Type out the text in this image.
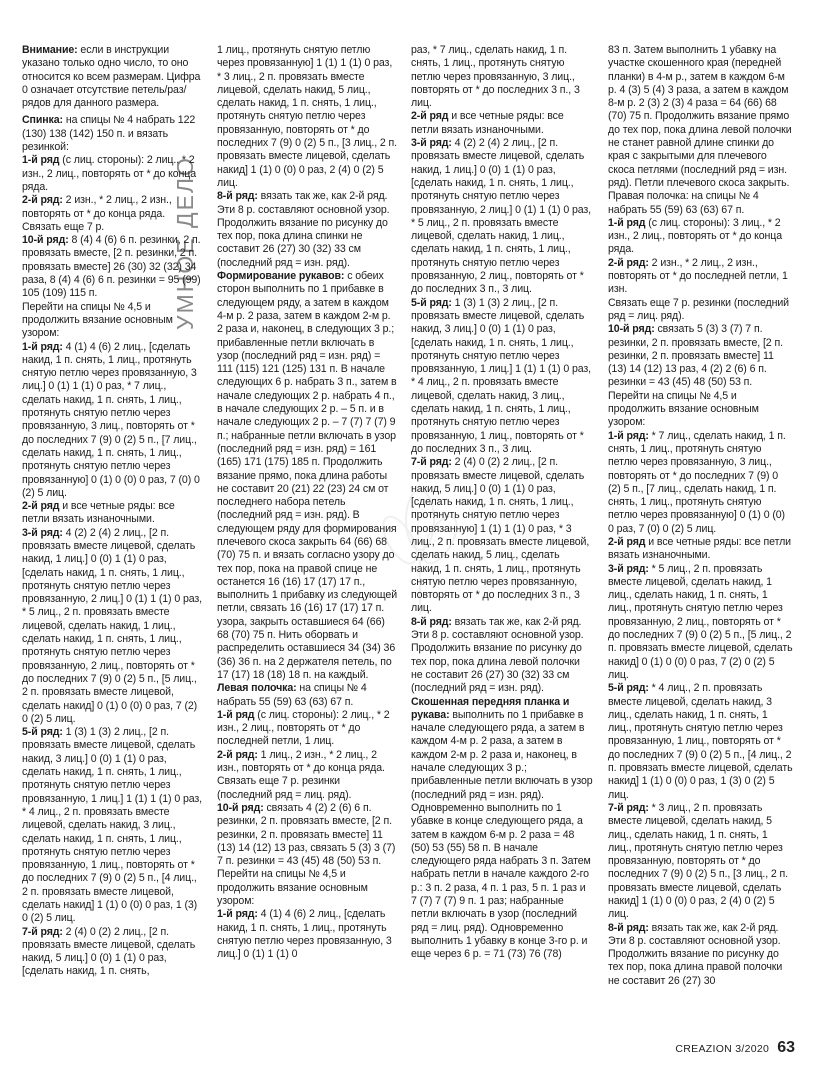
Внимание: если в инструкции указано только одно число, то оно относится ко всем размерам. Цифра 0 означает отсутствие петель/раз/рядов для данного размера.

Спинка: на спицы № 4 набрать 122 (130) 138 (142) 150 п. и вязать резинкой:

1-й ряд (с лиц. стороны): 2 лиц., * 2 изн., 2 лиц., повторять от * до конца ряда.

2-й ряд: 2 изн., * 2 лиц., 2 изн., повторять от * до конца ряда.

Связать еще 7 р.

10-й ряд: 8 (4) 4 (6) 6 п. резинки, 2 п. провязать вместе, [2 п. резинки, 2 п. провязать вместе] 26 (30) 32 (32) 34 раза, 8 (4) 4 (6) 6 п. резинки = 95 (99) 105 (109) 115 п.

Перейти на спицы № 4,5 и продолжить вязание основным узором:

1-й ряд: 4 (1) 4 (6) 2 лиц., [сделать накид, 1 п. снять, 1 лиц., протянуть снятую петлю через провязанную, 3 лиц.] 0 (1) 1 (1) 0 раз, * 7 лиц., сделать накид, 1 п. снять, 1 лиц., протянуть снятую петлю через провязанную, 3 лиц., повторять от * до последних 7 (9) 0 (2) 5 п., [7 лиц., сделать накид, 1 п. снять, 1 лиц., протянуть снятую петлю через провязанную] 0 (1) 0 (0) 0 раз, 7 (0) 0 (2) 5 лиц.

2-й ряд и все четные ряды: все петли вязать изнаночными.

3-й ряд: 4 (2) 2 (4) 2 лиц., [2 п. провязать вместе лицевой, сделать накид, 1 лиц.] 0 (0) 1 (1) 0 раз, [сделать накид, 1 п. снять, 1 лиц., протянуть снятую петлю через провязанную, 2 лиц.] 0 (1) 1 (1) 0 раз, * 5 лиц., 2 п. провязать вместе лицевой, сделать накид, 1 лиц., сделать накид, 1 п. снять, 1 лиц., протянуть снятую петлю через провязанную, 2 лиц., повторять от * до последних 7 (9) 0 (2) 5 п., [5 лиц., 2 п. провязать вместе лицевой, сделать накид] 0 (1) 0 (0) 0 раз, 7 (2) 0 (2) 5 лиц.

5-й ряд: 1 (3) 1 (3) 2 лиц., [2 п. провязать вместе лицевой, сделать накид, 3 лиц.] 0 (0) 1 (1) 0 раз, сделать накид, 1 п. снять, 1 лиц., протянуть снятую петлю через провязанную, 1 лиц.] 1 (1) 1 (1) 0 раз, * 4 лиц., 2 п. провязать вместе лицевой, сделать накид, 3 лиц., сделать накид, 1 п. снять, 1 лиц., протянуть снятую петлю через провязанную, 1 лиц., повторять от * до последних 7 (9) 0 (2) 5 п., [4 лиц., 2 п. провязать вместе лицевой, сделать накид] 1 (1) 0 (0) 0 раз, 1 (3) 0 (2) 5 лиц.

7-й ряд: 2 (4) 0 (2) 2 лиц., [2 п. провязать вместе лицевой, сделать накид, 5 лиц.] 0 (0) 1 (1) 0 раз, [сделать накид, 1 п. снять,

1 лиц., протянуть снятую петлю через провязанную] 1 (1) 1 (1) 0 раз, * 3 лиц., 2 п. провязать вместе лицевой, сделать накид, 5 лиц., сделать накид, 1 п. снять, 1 лиц., протянуть снятую петлю через провязанную, повторять от * до последних 7 (9) 0 (2) 5 п., [3 лиц., 2 п. провязать вместе лицевой, сделать накид] 1 (1) 0 (0) 0 раз, 2 (4) 0 (2) 5 лиц.

8-й ряд: вязать так же, как 2-й ряд.

Эти 8 р. составляют основной узор.

Продолжить вязание по рисунку до тех пор, пока длина спинки не составит 26 (27) 30 (32) 33 см (последний ряд = изн. ряд).

Формирование рукавов: с обеих сторон выполнить по 1 прибавке в следующем ряду, а затем в каждом 4-м р. 2 раза, затем в каждом 2-м р. 2 раза и, наконец, в следующих 3 р.; прибавленные петли включать в узор (последний ряд = изн. ряд) = 111 (115) 121 (125) 131 п. В начале следующих 6 р. набрать 3 п., затем в начале следующих 2 р. набрать 4 п., в начале следующих 2 р. – 5 п. и в начале следующих 2 р. – 7 (7) 7 (7) 9 п.; набранные петли включать в узор (последний ряд = изн. ряд) = 161 (165) 171 (175) 185 п. Продолжить вязание прямо, пока длина работы не составит 20 (21) 22 (23) 24 см от последнего набора петель (последний ряд = изн. ряд). В следующем ряду для формирования плечевого скоса закрыть 64 (66) 68 (70) 75 п. и вязать согласно узору до тех пор, пока на правой спице не останется 16 (16) 17 (17) 17 п., выполнить 1 прибавку из следующей петли, связать 16 (16) 17 (17) 17 п. узора, закрыть оставшиеся 64 (66) 68 (70) 75 п. Нить оборвать и распределить оставшиеся 34 (34) 36 (36) 36 п. на 2 держателя петель, по 17 (17) 18 (18) 18 п. на каждый.

Левая полочка: на спицы № 4 набрать 55 (59) 63 (63) 67 п.

1-й ряд (с лиц. стороны): 2 лиц., * 2 изн., 2 лиц., повторять от * до последней петли, 1 лиц.

2-й ряд: 1 лиц., 2 изн., * 2 лиц., 2 изн., повторять от * до конца ряда.

Связать еще 7 р. резинки (последний ряд = лиц. ряд).

10-й ряд: связать 4 (2) 2 (6) 6 п. резинки, 2 п. провязать вместе, [2 п. резинки, 2 п. провязать вместе] 11 (13) 14 (12) 13 раз, связать 5 (3) 3 (7) 7 п. резинки = 43 (45) 48 (50) 53 п. Перейти на спицы № 4,5 и продолжить вязание основным узором:

1-й ряд: 4 (1) 4 (6) 2 лиц., [сделать накид, 1 п. снять, 1 лиц., протянуть снятую петлю через провязанную, 3 лиц.] 0 (1) 1 (1) 0

раз, * 7 лиц., сделать накид, 1 п. снять, 1 лиц., протянуть снятую петлю через провязанную, 3 лиц., повторять от * до последних 3 п., 3 лиц.

2-й ряд и все четные ряды: все петли вязать изнаночными.

3-й ряд: 4 (2) 2 (4) 2 лиц., [2 п. провязать вместе лицевой, сделать накид, 1 лиц.] 0 (0) 1 (1) 0 раз, [сделать накид, 1 п. снять, 1 лиц., протянуть снятую петлю через провязанную, 2 лиц.] 0 (1) 1 (1) 0 раз, * 5 лиц., 2 п. провязать вместе лицевой, сделать накид, 1 лиц., сделать накид, 1 п. снять, 1 лиц., протянуть снятую петлю через провязанную, 2 лиц., повторять от * до последних 3 п., 3 лиц.

5-й ряд: 1 (3) 1 (3) 2 лиц., [2 п. провязать вместе лицевой, сделать накид, 3 лиц.] 0 (0) 1 (1) 0 раз, [сделать накид, 1 п. снять, 1 лиц., протянуть снятую петлю через провязанную, 1 лиц.] 1 (1) 1 (1) 0 раз, * 4 лиц., 2 п. провязать вместе лицевой, сделать накид, 3 лиц., сделать накид, 1 п. снять, 1 лиц., протянуть снятую петлю через провязанную, 1 лиц., повторять от * до последних 3 п., 3 лиц.

7-й ряд: 2 (4) 0 (2) 2 лиц., [2 п. провязать вместе лицевой, сделать накид, 5 лиц.] 0 (0) 1 (1) 0 раз, [сделать накид, 1 п. снять, 1 лиц., протянуть снятую петлю через провязанную] 1 (1) 1 (1) 0 раз, * 3 лиц., 2 п. провязать вместе лицевой, сделать накид, 5 лиц., сделать накид, 1 п. снять, 1 лиц., протянуть снятую петлю через провязанную, повторять от * до последних 3 п., 3 лиц.

8-й ряд: вязать так же, как 2-й ряд.

Эти 8 р. составляют основной узор.

Продолжить вязание по рисунку до тех пор, пока длина левой полочки не составит 26 (27) 30 (32) 33 см (последний ряд = изн. ряд).

Скошенная передняя планка и рукава: выполнить по 1 прибавке в начале следующего ряда, а затем в каждом 4-м р. 2 раза, а затем в каждом 2-м р. 2 раза и, наконец, в начале следующих 3 р.; прибавленные петли включать в узор (последний ряд = изн. ряд). Одновременно выполнить по 1 убавке в конце следующего ряда, а затем в каждом 6-м р. 2 раза = 48 (50) 53 (55) 58 п. В начале следующего ряда набрать 3 п. Затем набрать петли в начале каждого 2-го р.: 3 п. 2 раза, 4 п. 1 раз, 5 п. 1 раз и 7 (7) 7 (7) 9 п. 1 раз; набранные петли включать в узор (последний ряд = лиц. ряд). Одновременно выполнить 1 убавку в конце 3-го р. и еще через 6 р. = 71 (73) 76 (78)

83 п. Затем выполнить 1 убавку на участке скошенного края (передней планки) в 4-м р., затем в каждом 6-м р. 4 (3) 5 (4) 3 раза, а затем в каждом 8-м р. 2 (3) 2 (3) 4 раза = 64 (66) 68 (70) 75 п. Продолжить вязание прямо до тех пор, пока длина левой полочки не станет равной длине спинки до края с закрытыми для плечевого скоса петлями (последний ряд = изн. ряд). Петли плечевого скоса закрыть.

Правая полочка: на спицы № 4 набрать 55 (59) 63 (63) 67 п.

1-й ряд (с лиц. стороны): 3 лиц., * 2 изн., 2 лиц., повторять от * до конца ряда.

2-й ряд: 2 изн., * 2 лиц., 2 изн., повторять от * до последней петли, 1 изн.

Связать еще 7 р. резинки (последний ряд = лиц. ряд).

10-й ряд: связать 5 (3) 3 (7) 7 п. резинки, 2 п. провязать вместе, [2 п. резинки, 2 п. провязать вместе] 11 (13) 14 (12) 13 раз, 4 (2) 2 (6) 6 п. резинки = 43 (45) 48 (50) 53 п. Перейти на спицы № 4,5 и продолжить вязание основным узором:

1-й ряд: * 7 лиц., сделать накид, 1 п. снять, 1 лиц., протянуть снятую петлю через провязанную, 3 лиц., повторять от * до последних 7 (9) 0 (2) 5 п., [7 лиц., сделать накид, 1 п. снять, 1 лиц., протянуть снятую петлю через провязанную] 0 (1) 0 (0) 0 раз, 7 (0) 0 (2) 5 лиц.

2-й ряд и все четные ряды: все петли вязать изнаночными.

3-й ряд: * 5 лиц., 2 п. провязать вместе лицевой, сделать накид, 1 лиц., сделать накид, 1 п. снять, 1 лиц., протянуть снятую петлю через провязанную, 2 лиц., повторять от * до последних 7 (9) 0 (2) 5 п., [5 лиц., 2 п. провязать вместе лицевой, сделать накид] 0 (1) 0 (0) 0 раз, 7 (2) 0 (2) 5 лиц.

5-й ряд: * 4 лиц., 2 п. провязать вместе лицевой, сделать накид, 3 лиц., сделать накид, 1 п. снять, 1 лиц., протянуть снятую петлю через провязанную, 1 лиц., повторять от * до последних 7 (9) 0 (2) 5 п., [4 лиц., 2 п. провязать вместе лицевой, сделать накид] 1 (1) 0 (0) 0 раз, 1 (3) 0 (2) 5 лиц.

7-й ряд: * 3 лиц., 2 п. провязать вместе лицевой, сделать накид, 5 лиц., сделать накид, 1 п. снять, 1 лиц., протянуть снятую петлю через провязанную, повторять от * до последних 7 (9) 0 (2) 5 п., [3 лиц., 2 п. провязать вместе лицевой, сделать накид] 1 (1) 0 (0) 0 раз, 2 (4) 0 (2) 5 лиц.

8-й ряд: вязать так же, как 2-й ряд.

Эти 8 р. составляют основной узор.

Продолжить вязание по рисунку до тех пор, пока длина правой полочки не составит 26 (27) 30

УМНОЕ ДЕЛО
CREAZION 3/2020 63
